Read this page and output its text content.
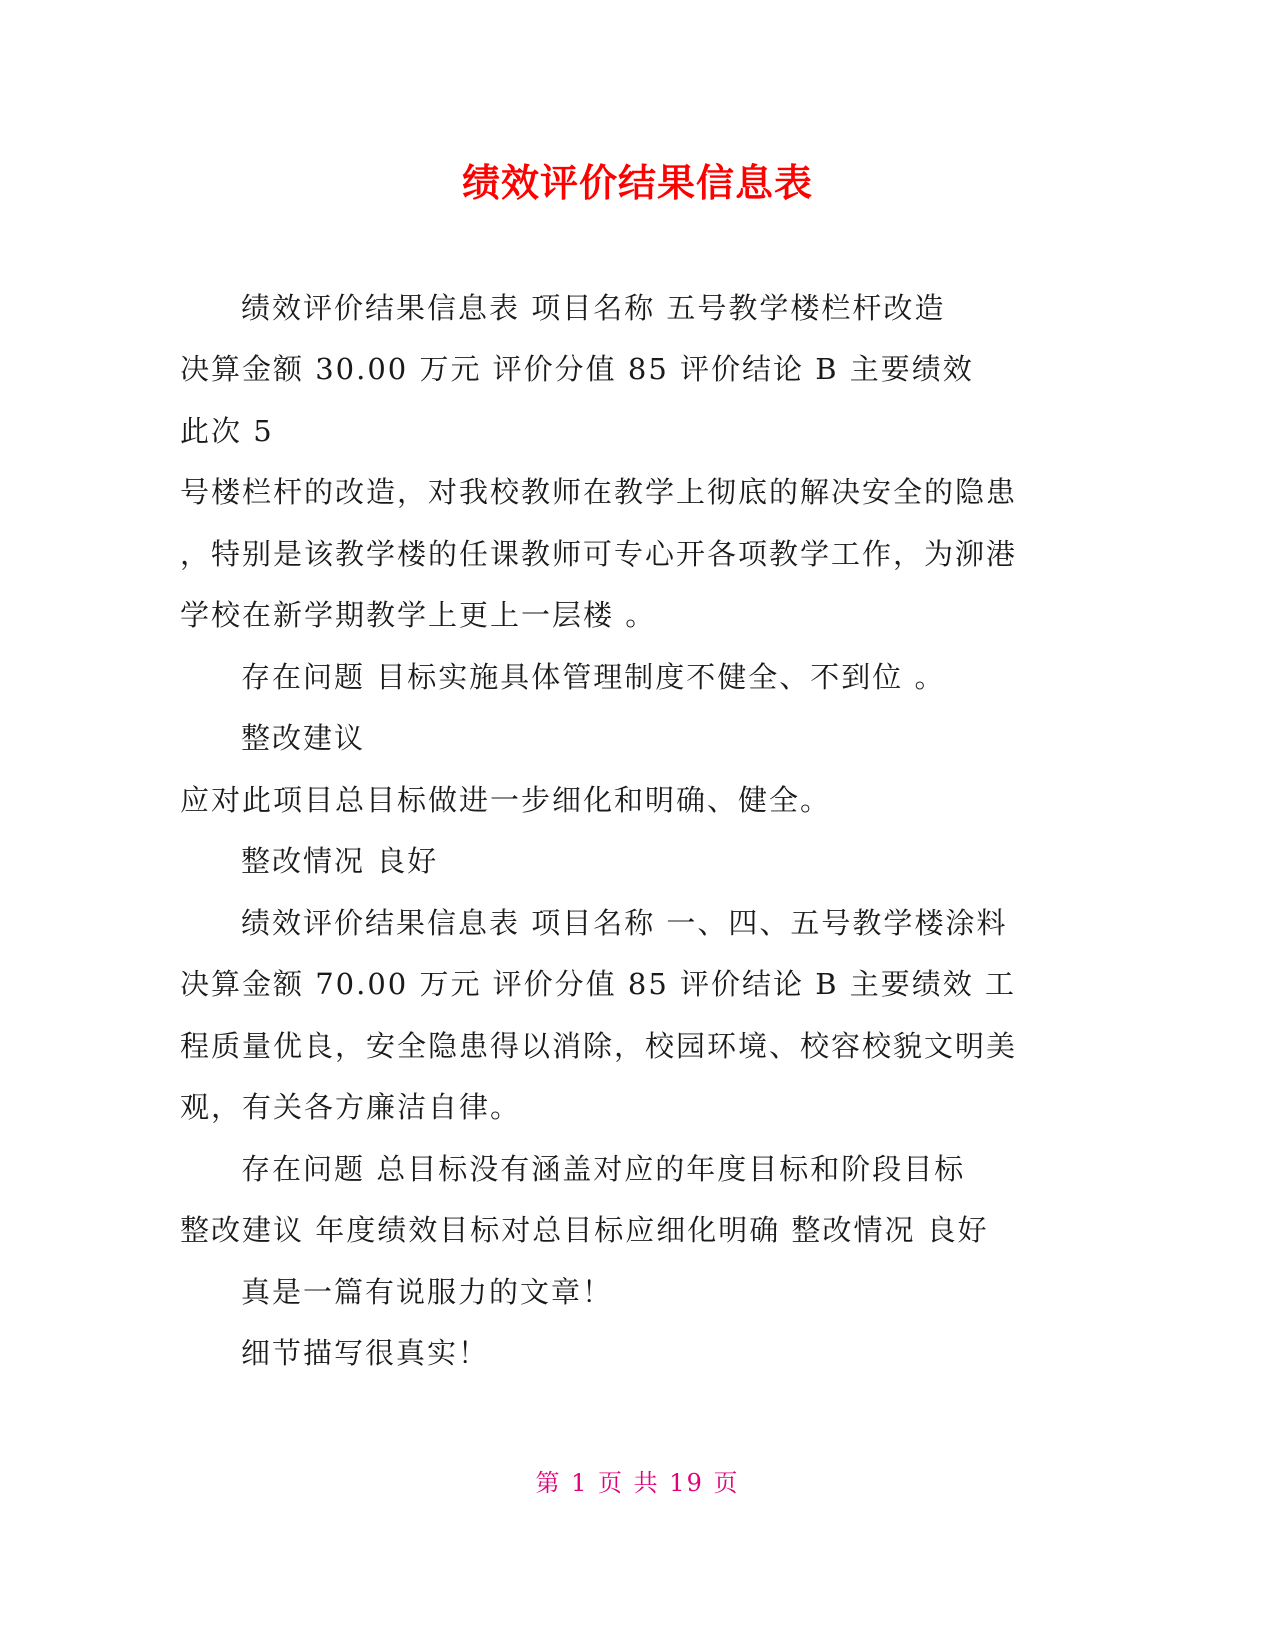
绩效评价结果信息表
绩效评价结果信息表 项目名称 五号教学楼栏杆改造
决算金额 30.00 万元 评价分值 85 评价结论 B 主要绩效
此次 5
号楼栏杆的改造，对我校教师在教学上彻底的解决安全的隐患
，特别是该教学楼的任课教师可专心开各项教学工作，为泖港
学校在新学期教学上更上一层楼 。
存在问题 目标实施具体管理制度不健全、不到位 。
整改建议
应对此项目总目标做进一步细化和明确、健全。
整改情况 良好
绩效评价结果信息表 项目名称 一、四、五号教学楼涂料
决算金额 70.00 万元 评价分值 85 评价结论 B 主要绩效 工
程质量优良，安全隐患得以消除，校园环境、校容校貌文明美
观，有关各方廉洁自律。
存在问题 总目标没有涵盖对应的年度目标和阶段目标
整改建议 年度绩效目标对总目标应细化明确 整改情况 良好
真是一篇有说服力的文章！
细节描写很真实！
第 1 页 共 19 页
